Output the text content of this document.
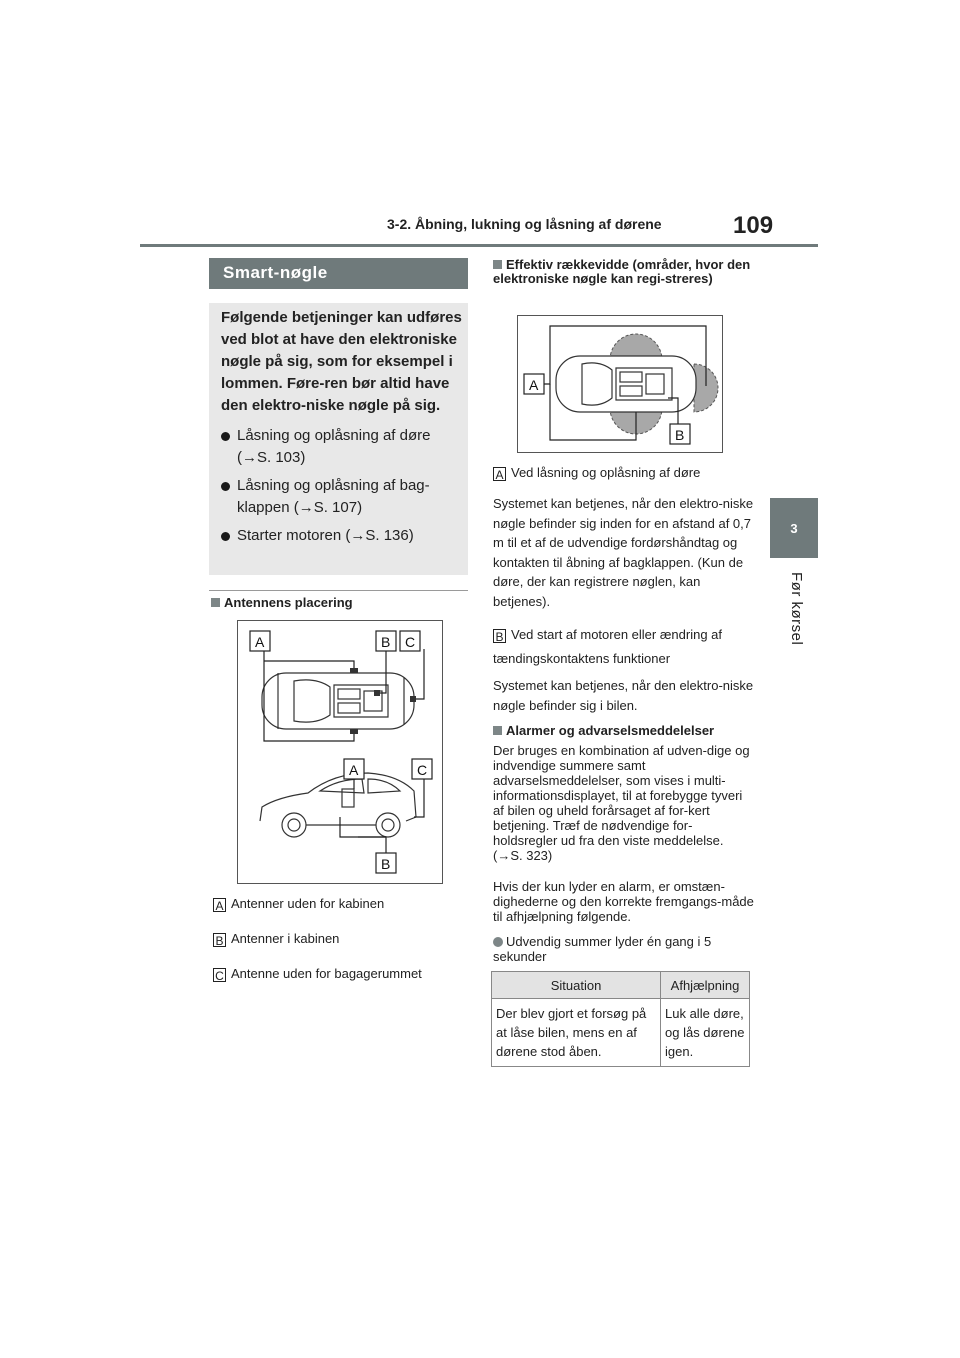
3-2. Åbning, lukning og låsning af dørene	109
3
Før kørsel
Smart-nøgle
Følgende betjeninger kan udføres ved blot at have den elektroniske nøgle på sig, som for eksempel i lommen. Føre-ren bør altid have den elektro-niske nøgle på sig.
Låsning og oplåsning af døre (→S. 103)
Låsning og oplåsning af bag-klappen (→S. 107)
Starter motoren (→S. 136)
Antennens placering
A	B C
A	C
B
A Antenner uden for kabinen
B Antenner i kabinen
C Antenne uden for bagagerummet
Effektiv rækkevidde (områder, hvor den elektroniske nøgle kan regi-streres)
A
B
A Ved låsning og oplåsning af døre
Systemet kan betjenes, når den elektro-niske nøgle befinder sig inden for en afstand af 0,7 m til et af de udvendige fordørshåndtag og kontakten til åbning af bagklappen. (Kun de døre, der kan registrere nøglen, kan betjenes).
B Ved start af motoren eller ændring af tændingskontaktens funktioner
Systemet kan betjenes, når den elektro-niske nøgle befinder sig i bilen.
Alarmer og advarselsmeddelelser
Der bruges en kombination af udven-dige og indvendige summere samt advarselsmeddelelser, som vises i multi-informationsdisplayet, til at forebygge tyveri af bilen og uheld forårsaget af for-kert betjening. Træf de nødvendige for-holdsregler ud fra den viste meddelelse. (→S. 323)
Hvis der kun lyder en alarm, er omstæn-dighederne og den korrekte fremgangs-måde til afhjælpning følgende.
Udvendig summer lyder én gang i 5 sekunder
Situation	Afhjælpning
Der blev gjort et forsøg på at låse bilen, mens en af dørene stod åben.	Luk alle døre, og lås dørene igen.
